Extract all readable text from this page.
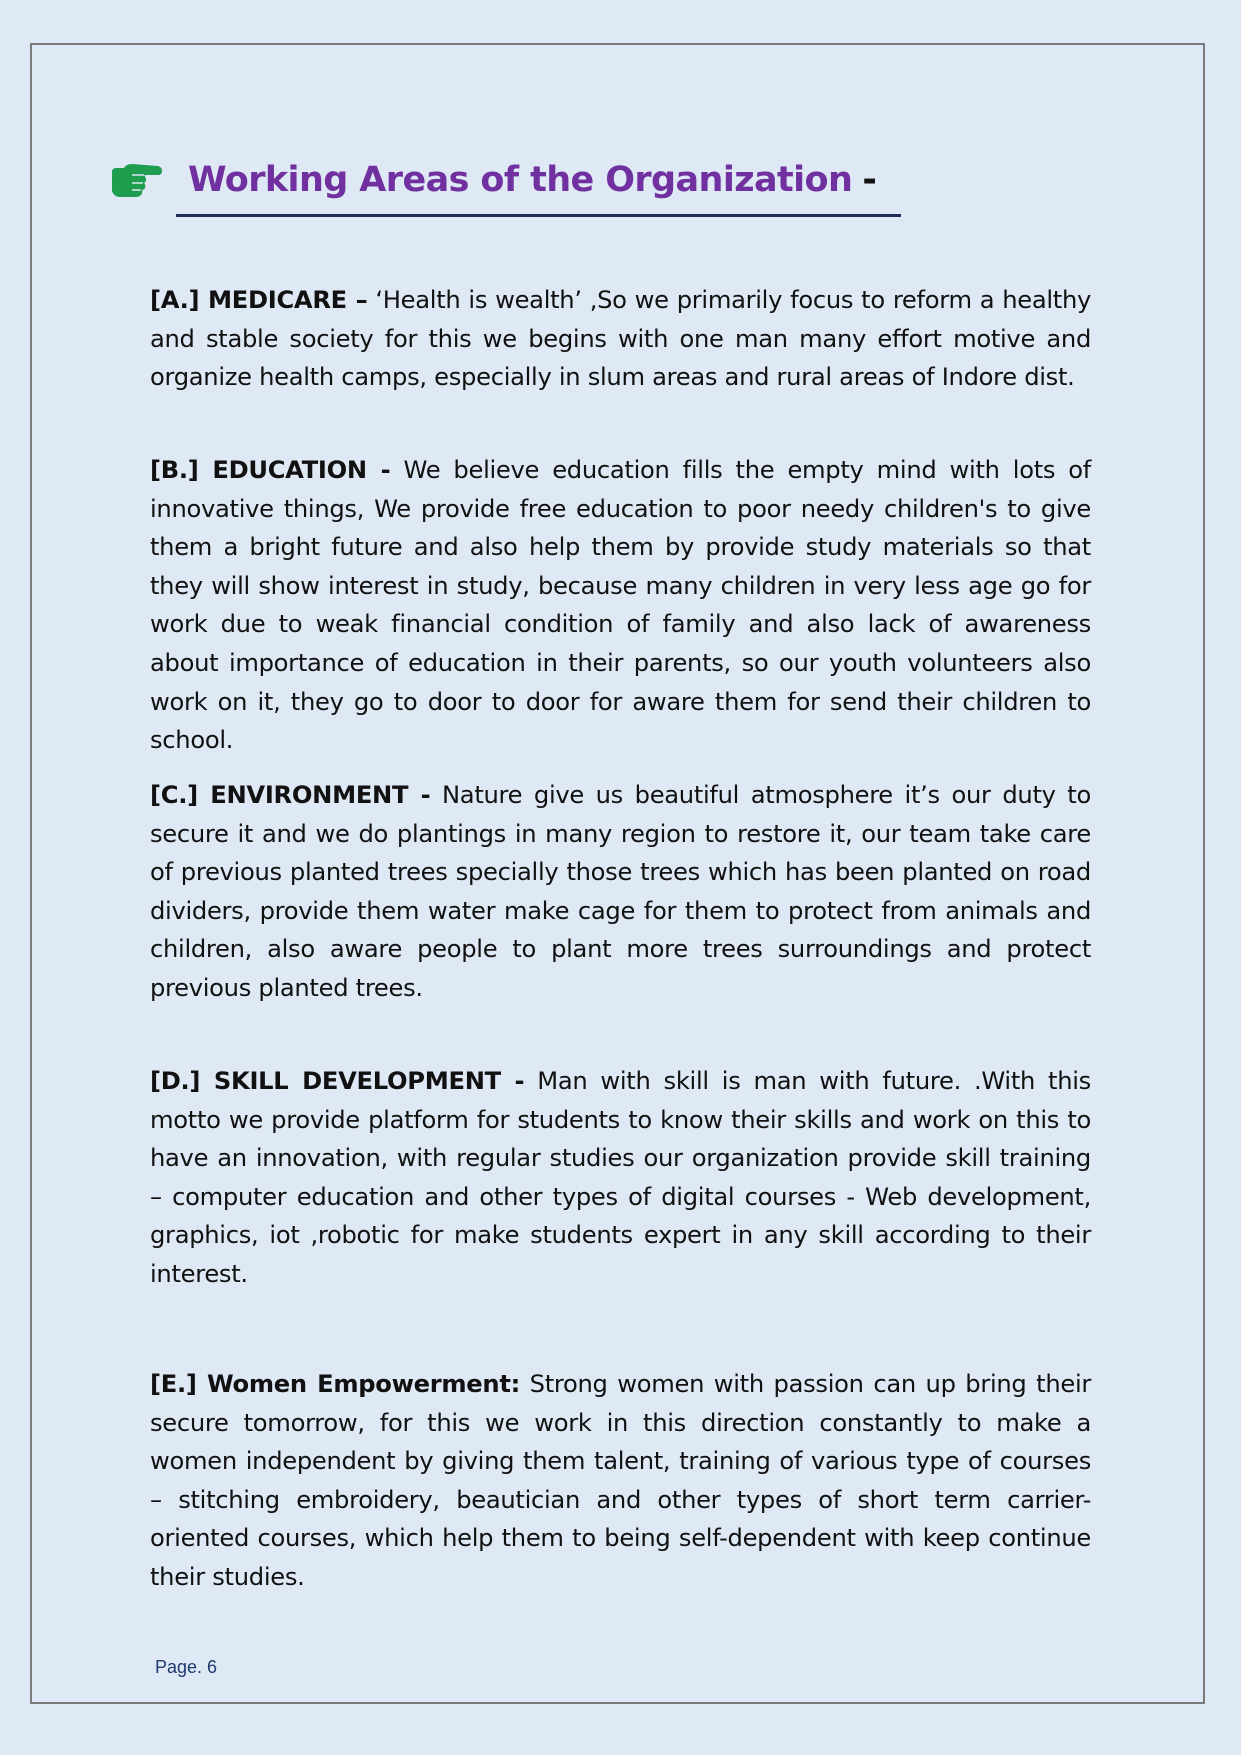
Working Areas of the Organization -
[A.] MEDICARE – ‘Health is wealth’ ,So we primarily focus to reform a healthy and stable society for this we begins with one man many effort motive and organize health camps, especially in slum areas and rural areas of Indore dist.
[B.] EDUCATION - We believe education fills the empty mind with lots of innovative things, We provide free education to poor needy children's to give them a bright future and also help them by provide study materials so that they will show interest in study, because many children in very less age go for work due to weak financial condition of family and also lack of awareness about importance of education in their parents, so our youth volunteers also work on it, they go to door to door for aware them for send their children to school.
[C.] ENVIRONMENT - Nature give us beautiful atmosphere it’s our duty to secure it and we do plantings in many region to restore it, our team take care of previous planted trees specially those trees which has been planted on road dividers, provide them water make cage for them to protect from animals and children, also aware people to plant more trees surroundings and protect previous planted trees.
[D.] SKILL DEVELOPMENT - Man with skill is man with future. .With this motto we provide platform for students to know their skills and work on this to have an innovation, with regular studies our organization provide skill training – computer education and other types of digital courses - Web development, graphics, iot ,robotic for make students expert in any skill according to their interest.
[E.] Women Empowerment: Strong women with passion can up bring their secure tomorrow, for this we work in this direction constantly to make a women independent by giving them talent, training of various type of courses – stitching embroidery, beautician and other types of short term carrier-oriented courses, which help them to being self-dependent with keep continue their studies.
Page. 6
